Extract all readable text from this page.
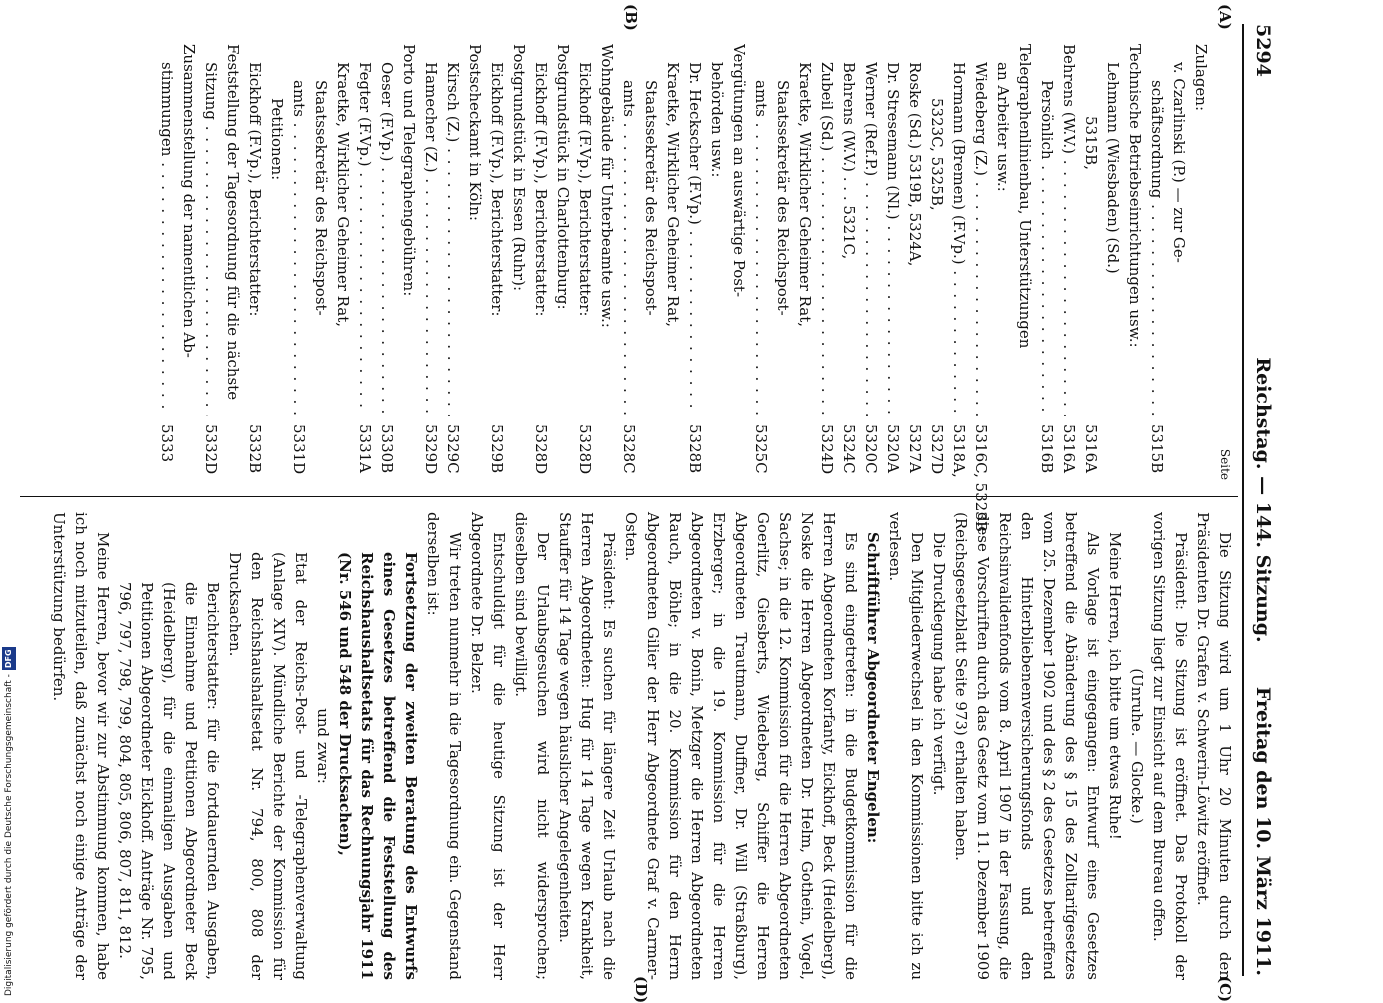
5294
Reichstag. — 144. Sitzung.
Freitag den 10. März 1911.
(A)
(B)
(C)
(D)
Seite
Zulagen:
v. Czarlinski (P.) — zur Ge-
schäftsordnung . . .
5315B
Technische Betriebseinrichtungen usw.:
Lehmann (Wiesbaden) (Sd.)
5315B,
5316A
Behrens (W.V.) . . .
5316A
Persönlich . . .
5316B
Telegraphenlinienbau, Unterstützungen
an Arbeiter usw.:
Wiedeberg (Z.) . . .
5316C, 5323B
Hormann (Bremen) (F.Vp.) . . .
5318A,
5323C, 5325B,
5327D
Roske (Sd.) 5319B, 5324A,
5327A
Dr. Stresemann (Nl.) . . .
5320A
Werner (Ref.P.) . . .
5320C
Behrens (W.V.) . . . 5321C,
5324C
Zubeil (Sd.) . . .
5324D
Kraetke, Wirklicher Geheimer Rat,
Staatssekretär des Reichspost-
amts . . .
5325C
Vergütungen an auswärtige Post-
behörden usw.:
Dr. Heckscher (F.Vp.) . . .
5328B
Kraetke, Wirklicher Geheimer Rat,
Staatssekretär des Reichspost-
amts . . .
5328C
Wohngebäude für Unterbeamte usw.:
Eickhoff (F.Vp.), Berichterstatter:
5328D
Postgrundstück in Charlottenburg:
Eickhoff (F.Vp.), Berichterstatter:
5328D
Postgrundstück in Essen (Ruhr):
Eickhoff (F.Vp.), Berichterstatter:
5329B
Postscheckamt in Köln:
Kirsch (Z.) . . .
5329C
Hamecher (Z.) . . .
5329D
Porto und Telegraphengebühren:
Oeser (F.Vp.) . . .
5330B
Fegter (F.Vp.) . . .
5331A
Kraetke, Wirklicher Geheimer Rat,
Staatssekretär des Reichspost-
amts . . .
5331D
Petitionen:
Eickhoff (F.Vp.), Berichterstatter:
5332B
Feststellung der Tagesordnung für die nächste
Sitzung . . .
5332D
Zusammenstellung der namentlichen Ab-
stimmungen . . .
5333

Die Sitzung wird um 1 Uhr 20 Minuten durch den Präsidenten Dr. Grafen v. Schwerin-Löwitz eröffnet.

Präsident: Die Sitzung ist eröffnet. Das Protokoll der vorigen Sitzung liegt zur Einsicht auf dem Bureau offen.

(Unruhe. — Glocke.)

Meine Herren, ich bitte um etwas Ruhe!

Als Vorlage ist eingegangen: Entwurf eines Gesetzes betreffend die Abänderung des § 15 des Zolltarifgesetzes vom 25. Dezember 1902 und des § 2 des Gesetzes betreffend den Hinterbliebenenversicherungsfonds und den Reichsinvalidenfonds vom 8. April 1907 in der Fassung, die diese Vorschriften durch das Gesetz vom 11. Dezember 1909 (Reichsgesetzblatt Seite 973) erhalten haben.

Die Drucklegung habe ich verfügt.

Den Mitgliederwechsel in den Kommissionen bitte ich zu verlesen.

Schriftführer Abgeordneter Engelen:

Es sind eingetreten: in die Budgetkommission für die Herren Abgeordneten Korfanty, Eickhoff, Beck (Heidelberg), Noske die Herren Abgeordneten Dr. Helm, Gothein, Vogel, Sachse; in die 12. Kommission für die Herren Abgeordneten Goerlitz, Giesberts, Wiedeberg, Schiffer die Herren Abgeordneten Trautmann, Duffner, Dr. Will (Straßburg), Erzberger; in die 19. Kommission für die Herren Abgeordneten v. Bonin, Metzger die Herren Abgeordneten Rauch, Böhle; in die 20. Kommission für den Herrn Abgeordneten Gilier der Herr Abgeordnete Graf v. Carmer-Osten.

Präsident: Es suchen für längere Zeit Urlaub nach die Herren Abgeordneten: Hug für 14 Tage wegen Krankheit, Stauffer für 14 Tage wegen häuslicher Angelegenheiten.

Der Urlaubsgesuchen wird nicht widersprochen; dieselben sind bewilligt.

Entschuldigt für die heutige Sitzung ist der Herr Abgeordnete Dr. Belzer.

Wir treten nunmehr in die Tagesordnung ein. Gegenstand derselben ist:

Fortsetzung der zweiten Beratung des Entwurfs eines Gesetzes betreffend die Feststellung des Reichshaushaltsetats für das Rechnungsjahr 1911 (Nr. 546 und 548 der Drucksachen),

und zwar:

Etat der Reichs-Post- und -Telegraphenverwaltung (Anlage XIV). Mündliche Berichte der Kommission für den Reichshaushaltsetat Nr. 794, 800, 808 der Drucksachen.

Berichterstatter: für die fortdauernden Ausgaben, die Einnahme und Petitionen Abgeordneter Beck (Heidelberg), für die einmaligen Ausgaben und Petitionen Abgeordneter Eickhoff. Anträge Nr. 795, 796, 797, 798, 799, 804, 805, 806, 807, 811, 812.

Meine Herren, bevor wir zur Abstimmung kommen, habe ich noch mitzuteilen, daß zunächst noch einige Anträge der Unterstützung bedürfen.

Digitalisierung gefördert durch die Deutsche Forschungsgemeinschaft -DFG
